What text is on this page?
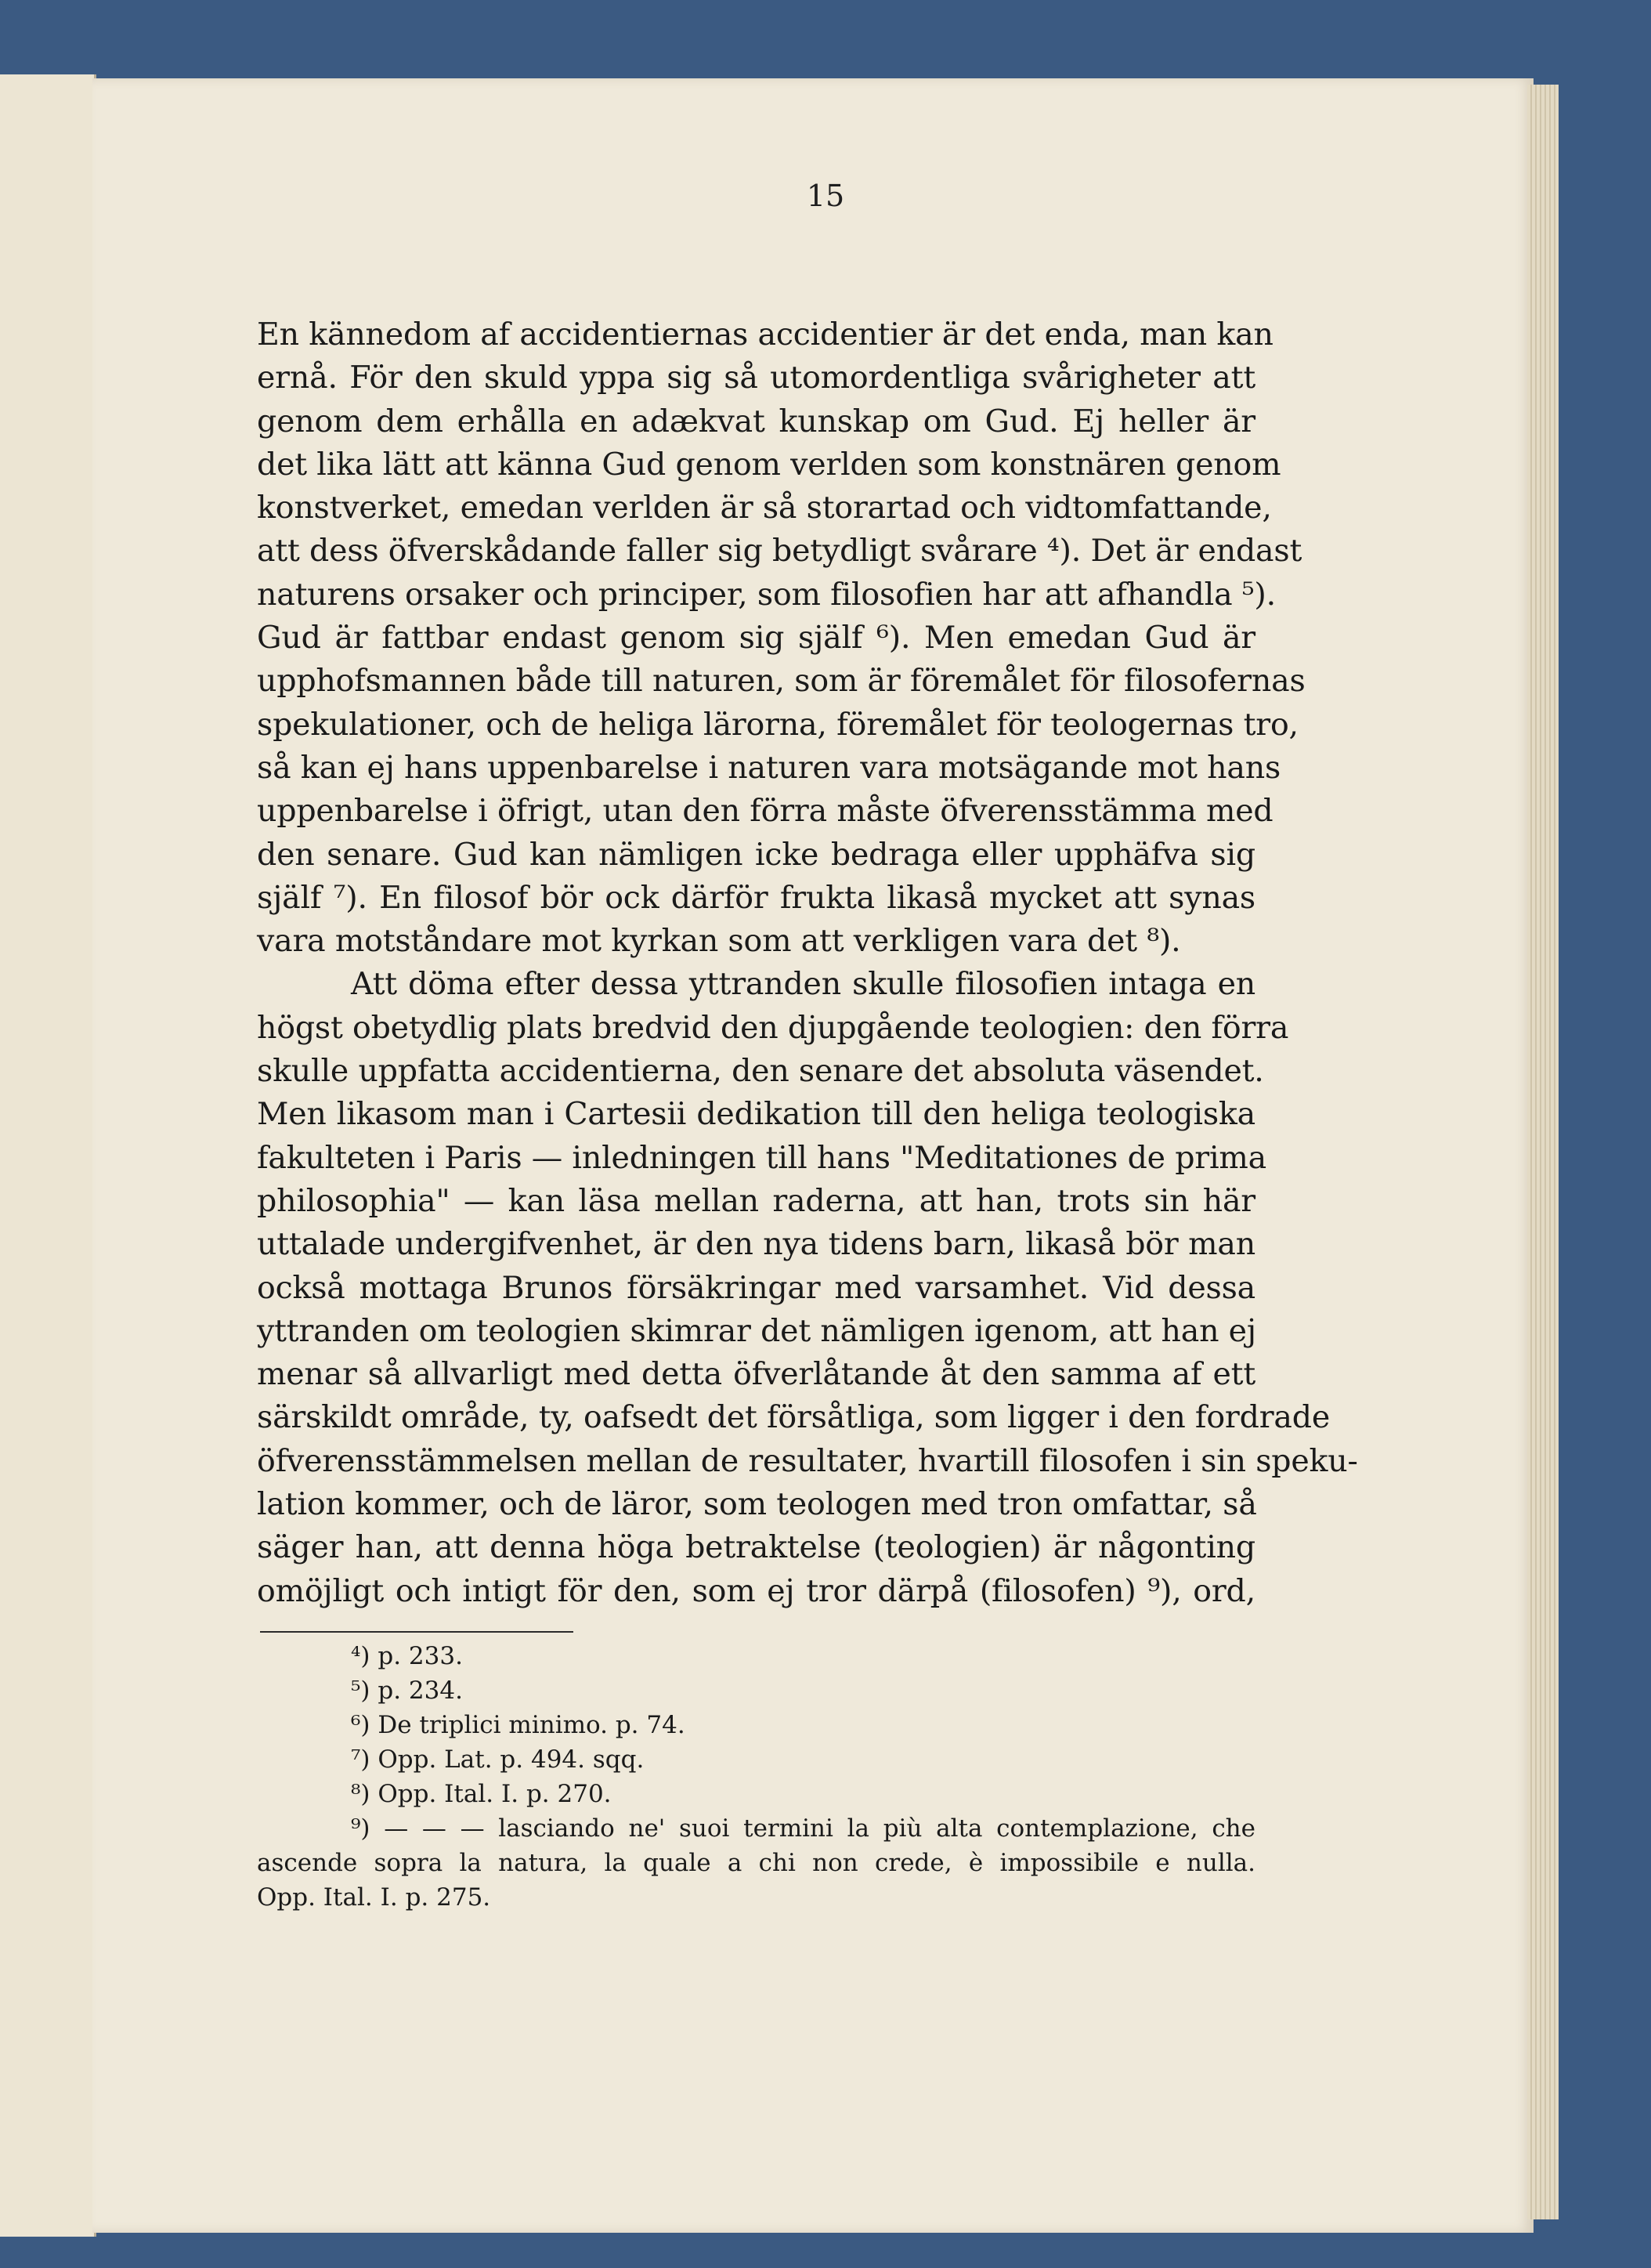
15
En kännedom af accidentiernas accidentier är det enda, man kan
ernå. För den skuld yppa sig så utomordentliga svårigheter att
genom dem erhålla en adækvat kunskap om Gud. Ej heller är
det lika lätt att känna Gud genom verlden som konstnären genom
konstverket, emedan verlden är så storartad och vidtomfattande,
att dess öfverskådande faller sig betydligt svårare ⁴). Det är endast
naturens orsaker och principer, som filosofien har att afhandla ⁵).
Gud är fattbar endast genom sig själf ⁶). Men emedan Gud är
upphofsmannen både till naturen, som är föremålet för filosofernas
spekulationer, och de heliga lärorna, föremålet för teologernas tro,
så kan ej hans uppenbarelse i naturen vara motsägande mot hans
uppenbarelse i öfrigt, utan den förra måste öfverensstämma med
den senare. Gud kan nämligen icke bedraga eller upphäfva sig
själf ⁷). En filosof bör ock därför frukta likaså mycket att synas
vara motståndare mot kyrkan som att verkligen vara det ⁸).
Att döma efter dessa yttranden skulle filosofien intaga en
högst obetydlig plats bredvid den djupgående teologien: den förra
skulle uppfatta accidentierna, den senare det absoluta väsendet.
Men likasom man i Cartesii dedikation till den heliga teologiska
fakulteten i Paris — inledningen till hans "Meditationes de prima
philosophia" — kan läsa mellan raderna, att han, trots sin här
uttalade undergifvenhet, är den nya tidens barn, likaså bör man
också mottaga Brunos försäkringar med varsamhet. Vid dessa
yttranden om teologien skimrar det nämligen igenom, att han ej
menar så allvarligt med detta öfverlåtande åt den samma af ett
särskildt område, ty, oafsedt det försåtliga, som ligger i den fordrade
öfverensstämmelsen mellan de resultater, hvartill filosofen i sin speku-
lation kommer, och de läror, som teologen med tron omfattar, så
säger han, att denna höga betraktelse (teologien) är någonting
omöjligt och intigt för den, som ej tror därpå (filosofen) ⁹), ord,
⁴) p. 233.
⁵) p. 234.
⁶) De triplici minimo. p. 74.
⁷) Opp. Lat. p. 494. sqq.
⁸) Opp. Ital. I. p. 270.
⁹) — — — lasciando ne' suoi termini la più alta contemplazione, che
ascende sopra la natura, la quale a chi non crede, è impossibile e nulla.
Opp. Ital. I. p. 275.
